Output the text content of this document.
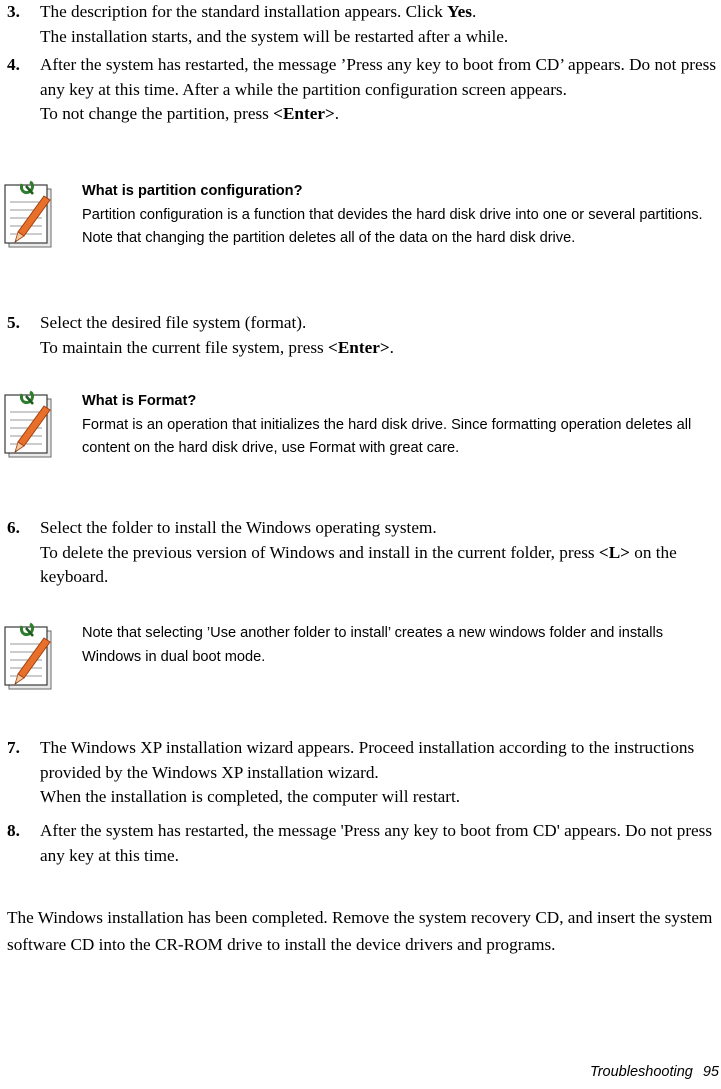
3. The description for the standard installation appears. Click Yes.

The installation starts, and the system will be restarted after a while.

4. After the system has restarted, the message ’Press any key to boot from CD’ appears. Do not press any key at this time. After a while the partition configuration screen appears.

To not change the partition, press <Enter>.

What is partition configuration?

Partition configuration is a function that devides the hard disk drive into one or several partitions. Note that changing the partition deletes all of the data on the hard disk drive.

5. Select the desired file system (format).

To maintain the current file system, press <Enter>.

What is Format?

Format is an operation that initializes the hard disk drive. Since formatting operation deletes all content on the hard disk drive, use Format with great care.

6. Select the folder to install the Windows operating system.

To delete the previous version of Windows and install in the current folder, press <L> on the keyboard.

Note that selecting ’Use another folder to install’ creates a new windows folder and installs Windows in dual boot mode.

7. The Windows XP installation wizard appears. Proceed installation according to the instructions provided by the Windows XP installation wizard.

When the installation is completed, the computer will restart.

8. After the system has restarted, the message 'Press any key to boot from CD' appears. Do not press any key at this time.

The Windows installation has been completed. Remove the system recovery CD, and insert the system software CD into the CR-ROM drive to install the device drivers and programs.

Troubleshooting 95
